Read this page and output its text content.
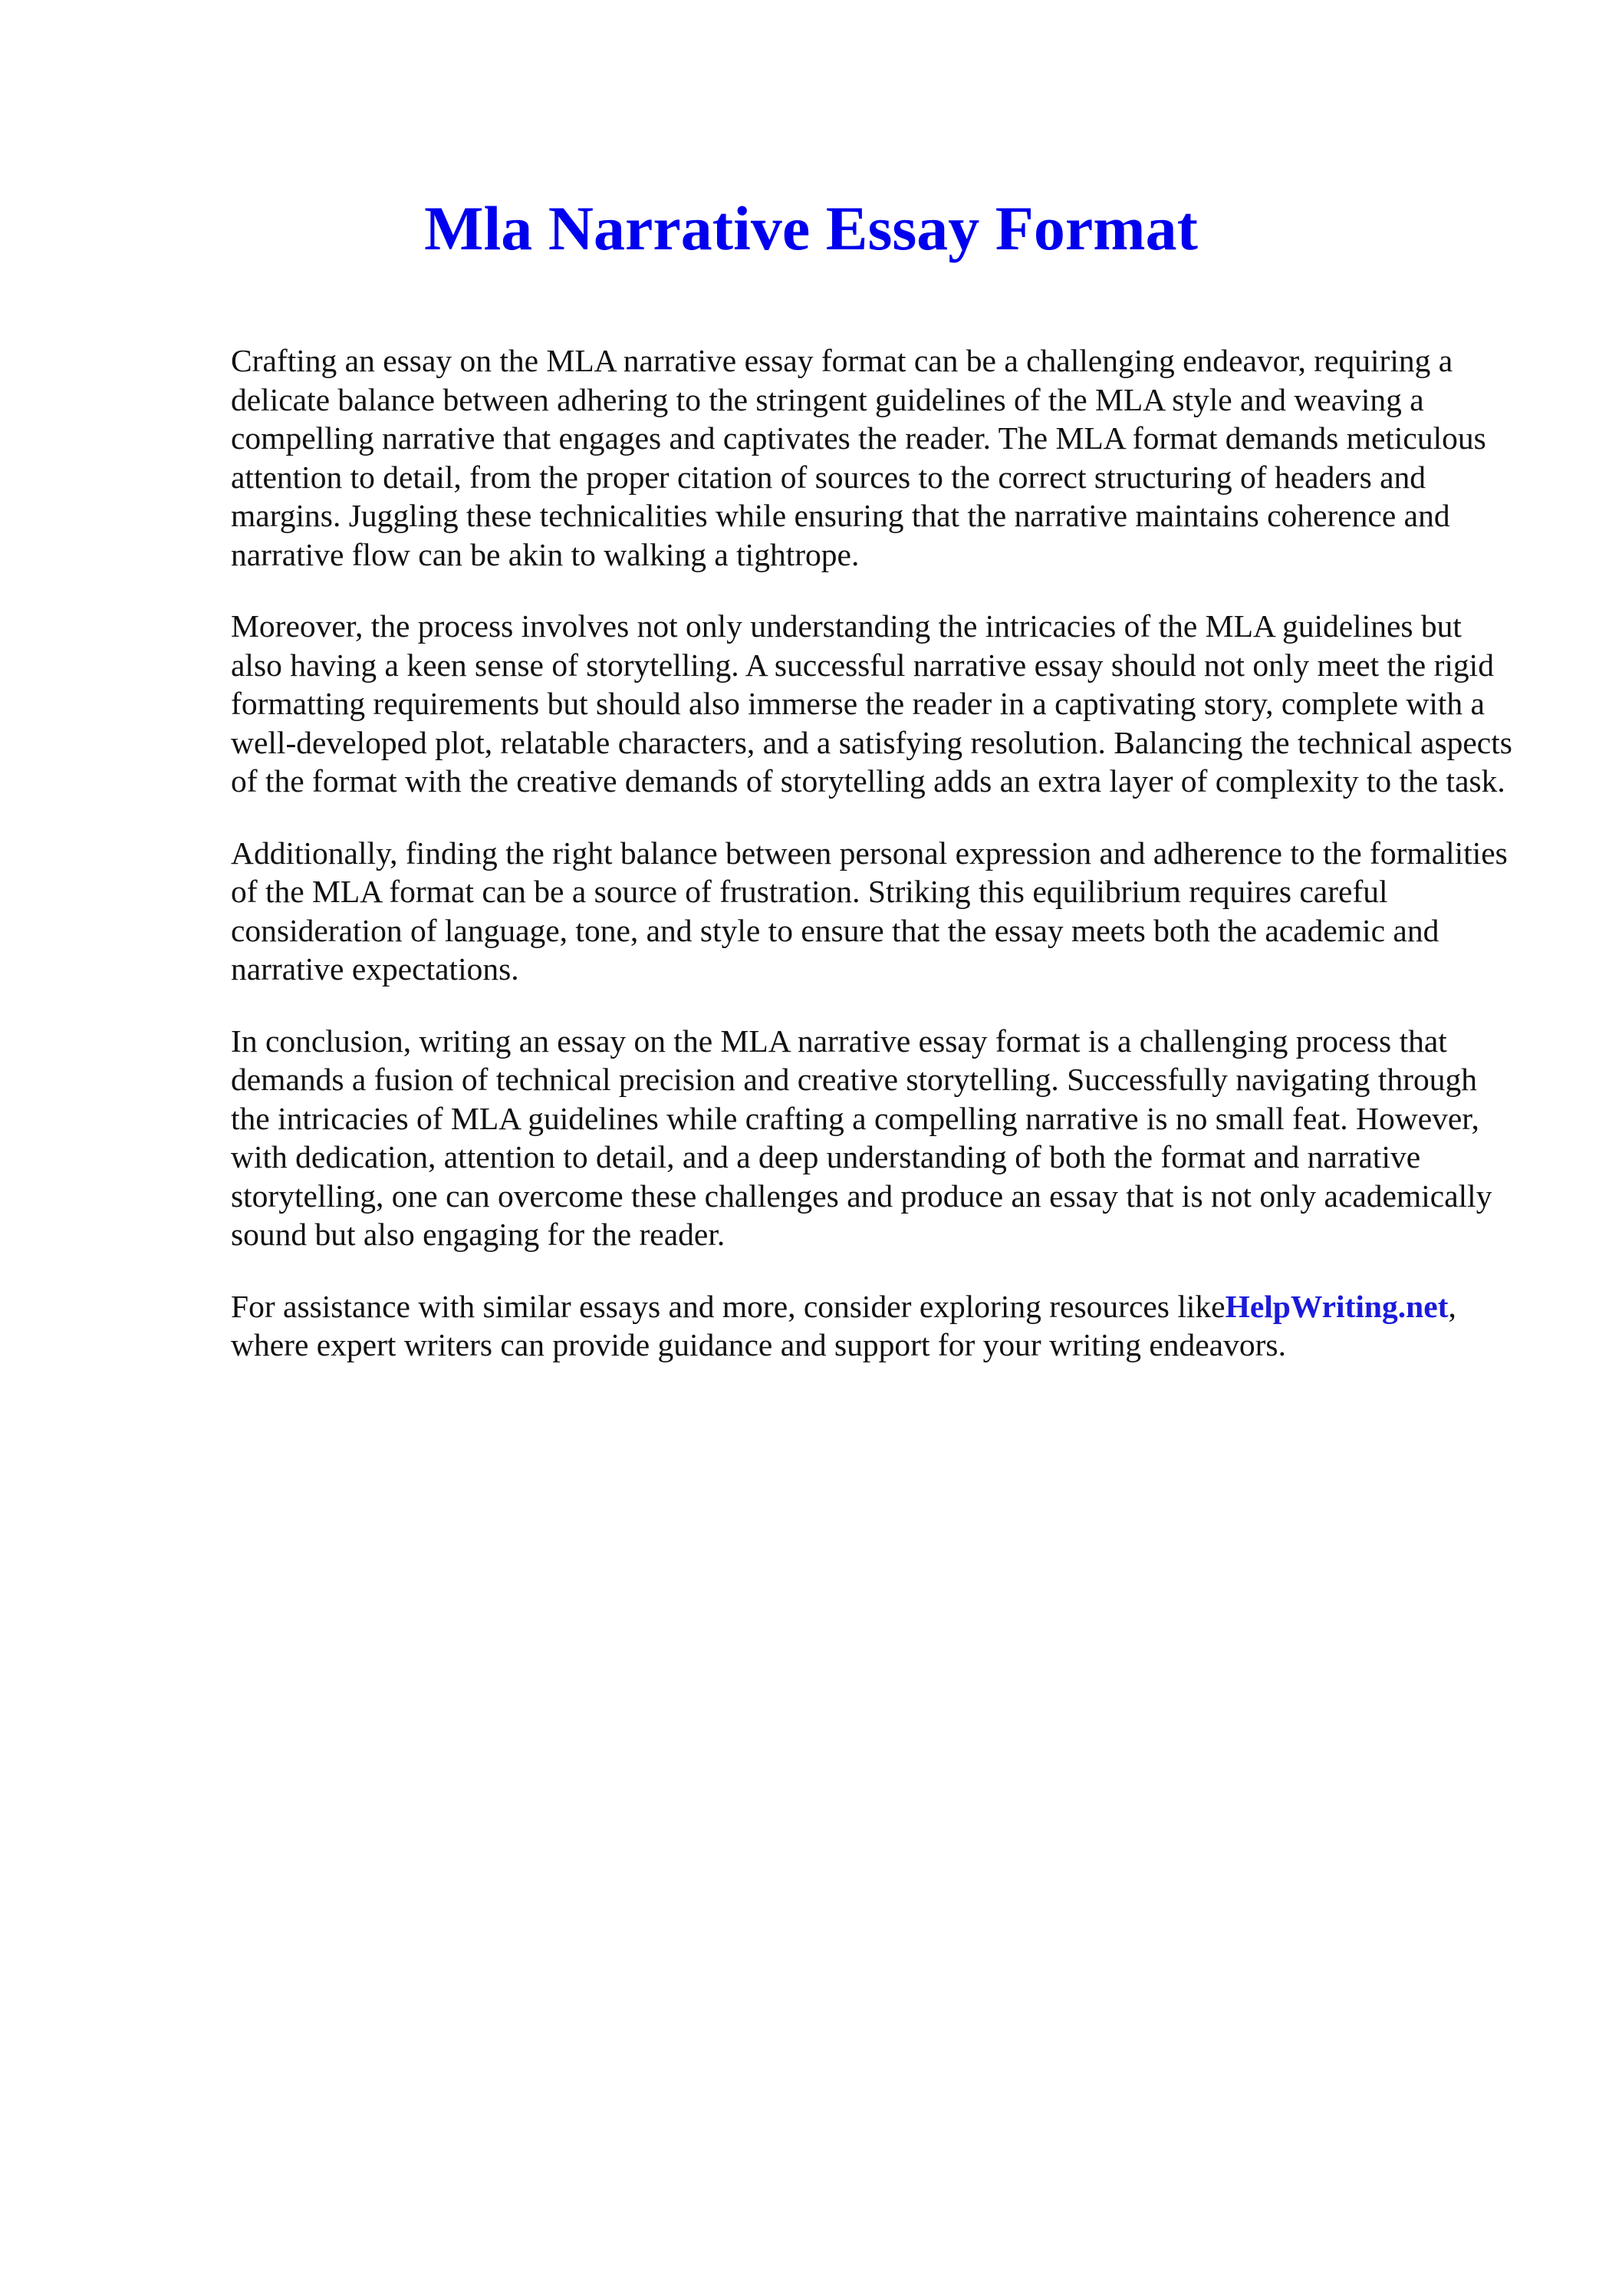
Mla Narrative Essay Format

Crafting an essay on the MLA narrative essay format can be a challenging endeavor, requiring a delicate balance between adhering to the stringent guidelines of the MLA style and weaving a compelling narrative that engages and captivates the reader. The MLA format demands meticulous attention to detail, from the proper citation of sources to the correct structuring of headers and margins. Juggling these technicalities while ensuring that the narrative maintains coherence and narrative flow can be akin to walking a tightrope.

Moreover, the process involves not only understanding the intricacies of the MLA guidelines but also having a keen sense of storytelling. A successful narrative essay should not only meet the rigid formatting requirements but should also immerse the reader in a captivating story, complete with a well-developed plot, relatable characters, and a satisfying resolution. Balancing the technical aspects of the format with the creative demands of storytelling adds an extra layer of complexity to the task.

Additionally, finding the right balance between personal expression and adherence to the formalities of the MLA format can be a source of frustration. Striking this equilibrium requires careful consideration of language, tone, and style to ensure that the essay meets both the academic and narrative expectations.

In conclusion, writing an essay on the MLA narrative essay format is a challenging process that demands a fusion of technical precision and creative storytelling. Successfully navigating through the intricacies of MLA guidelines while crafting a compelling narrative is no small feat. However, with dedication, attention to detail, and a deep understanding of both the format and narrative storytelling, one can overcome these challenges and produce an essay that is not only academically sound but also engaging for the reader.

For assistance with similar essays and more, consider exploring resources likeHelpWriting.net, where expert writers can provide guidance and support for your writing endeavors.
